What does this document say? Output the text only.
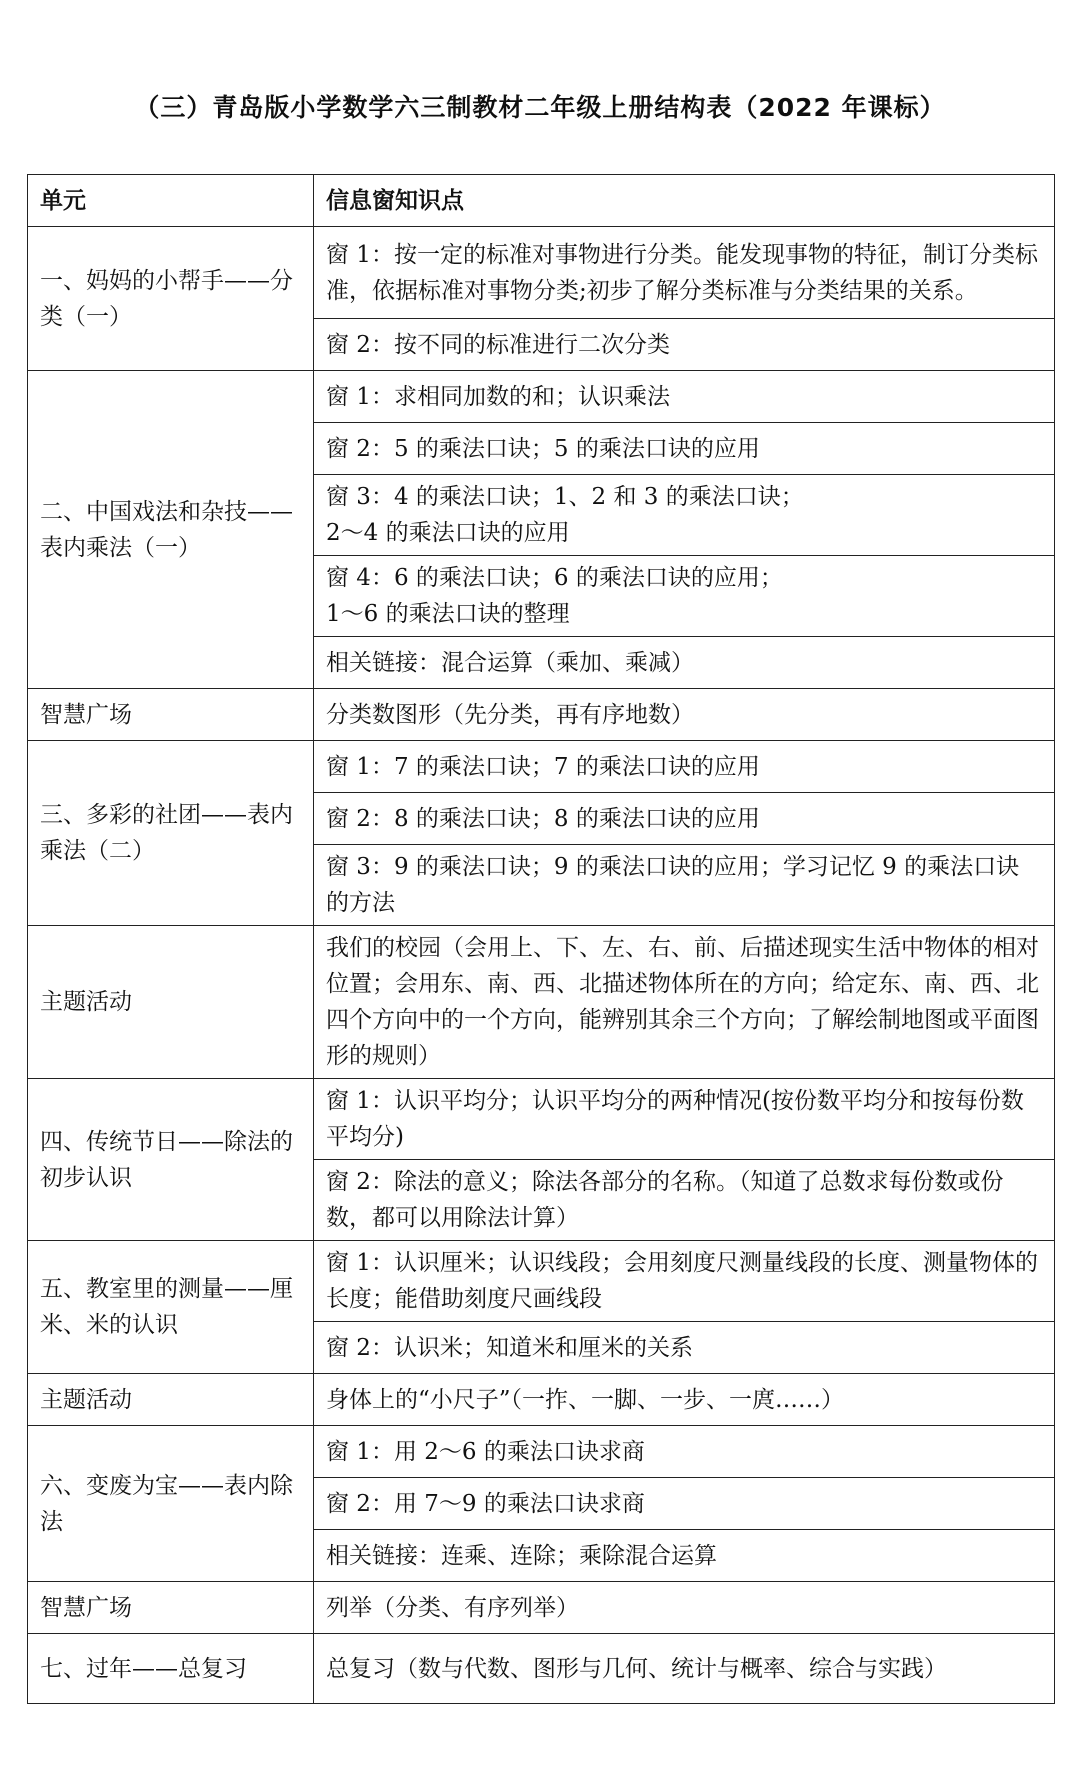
（三）青岛版小学数学六三制教材二年级上册结构表（2022 年课标）
单元	信息窗知识点
一、妈妈的小帮手——分类（一）	窗 1：按一定的标准对事物进行分类。能发现事物的特征，制订分类标准，依据标准对事物分类;初步了解分类标准与分类结果的关系。
	窗 2：按不同的标准进行二次分类
二、中国戏法和杂技——表内乘法（一）	窗 1：求相同加数的和；认识乘法
	窗 2：5 的乘法口诀；5 的乘法口诀的应用
	窗 3：4 的乘法口诀；1、2 和 3 的乘法口诀；
2～4 的乘法口诀的应用
	窗 4：6 的乘法口诀；6 的乘法口诀的应用；
1～6 的乘法口诀的整理
	相关链接：混合运算（乘加、乘减）
智慧广场	分类数图形（先分类，再有序地数）
三、多彩的社团——表内乘法（二）	窗 1：7 的乘法口诀；7 的乘法口诀的应用
	窗 2：8 的乘法口诀；8 的乘法口诀的应用
	窗 3：9 的乘法口诀；9 的乘法口诀的应用；学习记忆 9 的乘法口诀的方法
主题活动	我们的校园（会用上、下、左、右、前、后描述现实生活中物体的相对位置；会用东、南、西、北描述物体所在的方向；给定东、南、西、北四个方向中的一个方向，能辨别其余三个方向；了解绘制地图或平面图形的规则）
四、传统节日——除法的初步认识	窗 1：认识平均分；认识平均分的两种情况(按份数平均分和按每份数平均分)
	窗 2：除法的意义；除法各部分的名称。（知道了总数求每份数或份数，都可以用除法计算）
五、教室里的测量——厘米、米的认识	窗 1：认识厘米；认识线段；会用刻度尺测量线段的长度、测量物体的长度；能借助刻度尺画线段
	窗 2：认识米；知道米和厘米的关系
主题活动	身体上的“小尺子”（一拃、一脚、一步、一庹……）
六、变废为宝——表内除法	窗 1：用 2～6 的乘法口诀求商
	窗 2：用 7～9 的乘法口诀求商
	相关链接：连乘、连除；乘除混合运算
智慧广场	列举（分类、有序列举）
七、过年——总复习	总复习（数与代数、图形与几何、统计与概率、综合与实践）
